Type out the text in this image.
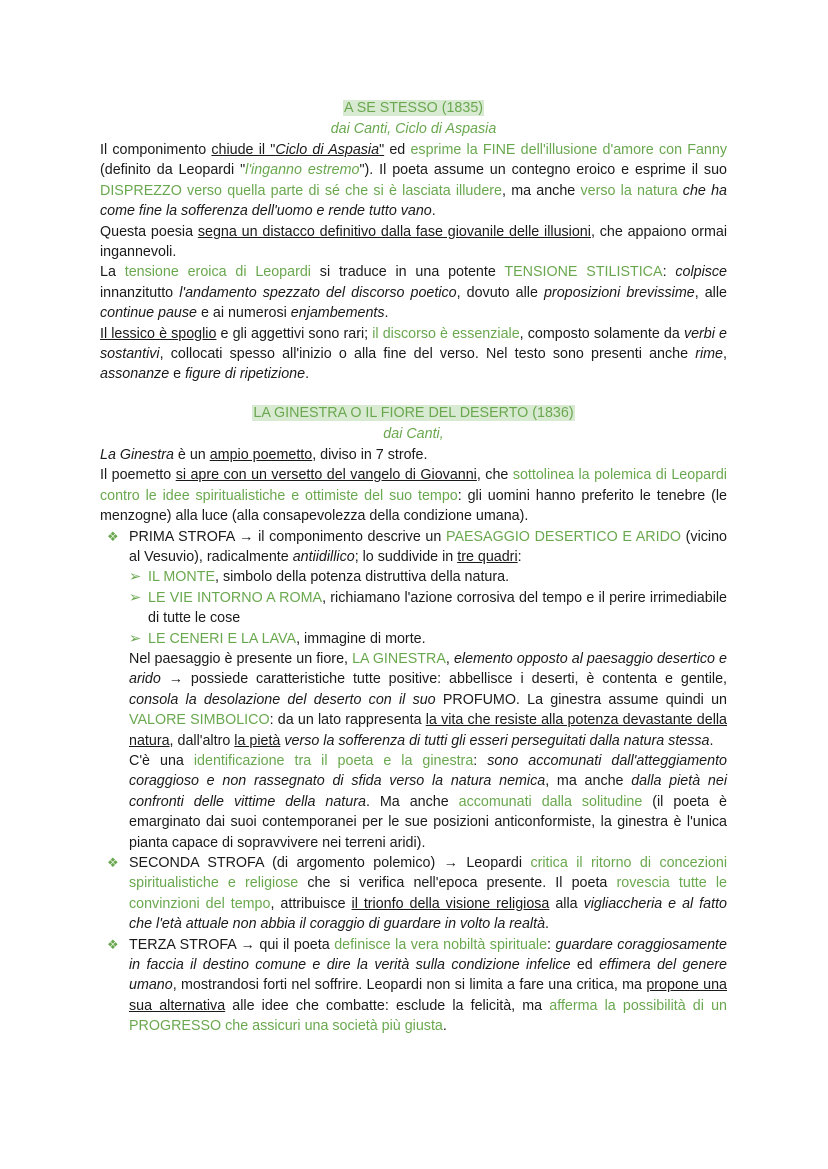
A SE STESSO (1835)
dai Canti, Ciclo di Aspasia

Il componimento chiude il "Ciclo di Aspasia" ed esprime la FINE dell'illusione d'amore con Fanny (definito da Leopardi "l'inganno estremo"). Il poeta assume un contegno eroico e esprime il suo DISPREZZO verso quella parte di sé che si è lasciata illudere, ma anche verso la natura che ha come fine la sofferenza dell'uomo e rende tutto vano.

Questa poesia segna un distacco definitivo dalla fase giovanile delle illusioni, che appaiono ormai ingannevoli.

La tensione eroica di Leopardi si traduce in una potente TENSIONE STILISTICA: colpisce innanzitutto l'andamento spezzato del discorso poetico, dovuto alle proposizioni brevissime, alle continue pause e ai numerosi enjambements.

Il lessico è spoglio e gli aggettivi sono rari; il discorso è essenziale, composto solamente da verbi e sostantivi, collocati spesso all'inizio o alla fine del verso. Nel testo sono presenti anche rime, assonanze e figure di ripetizione.

LA GINESTRA O IL FIORE DEL DESERTO (1836)
dai Canti,

La Ginestra è un ampio poemetto, diviso in 7 strofe.

Il poemetto si apre con un versetto del vangelo di Giovanni, che sottolinea la polemica di Leopardi contro le idee spiritualistiche e ottimiste del suo tempo: gli uomini hanno preferito le tenebre (le menzogne) alla luce (alla consapevolezza della condizione umana).

❖ PRIMA STROFA → il componimento descrive un PAESAGGIO DESERTICO E ARIDO (vicino al Vesuvio), radicalmente antiidillico; lo suddivide in tre quadri:

➢ IL MONTE, simbolo della potenza distruttiva della natura.

➢ LE VIE INTORNO A ROMA, richiamano l'azione corrosiva del tempo e il perire irrimediabile di tutte le cose

➢ LE CENERI E LA LAVA, immagine di morte.

Nel paesaggio è presente un fiore, LA GINESTRA, elemento opposto al paesaggio desertico e arido → possiede caratteristiche tutte positive: abbellisce i deserti, è contenta e gentile, consola la desolazione del deserto con il suo PROFUMO. La ginestra assume quindi un VALORE SIMBOLICO: da un lato rappresenta la vita che resiste alla potenza devastante della natura, dall'altro la pietà verso la sofferenza di tutti gli esseri perseguitati dalla natura stessa.

C'è una identificazione tra il poeta e la ginestra: sono accomunati dall'atteggiamento coraggioso e non rassegnato di sfida verso la natura nemica, ma anche dalla pietà nei confronti delle vittime della natura. Ma anche accomunati dalla solitudine (il poeta è emarginato dai suoi contemporanei per le sue posizioni anticonformiste, la ginestra è l'unica pianta capace di sopravvivere nei terreni aridi).

❖ SECONDA STROFA (di argomento polemico) → Leopardi critica il ritorno di concezioni spiritualistiche e religiose che si verifica nell'epoca presente. Il poeta rovescia tutte le convinzioni del tempo, attribuisce il trionfo della visione religiosa alla vigliaccheria e al fatto che l'età attuale non abbia il coraggio di guardare in volto la realtà.

❖ TERZA STROFA → qui il poeta definisce la vera nobiltà spirituale: guardare coraggiosamente in faccia il destino comune e dire la verità sulla condizione infelice ed effimera del genere umano, mostrandosi forti nel soffrire. Leopardi non si limita a fare una critica, ma propone una sua alternativa alle idee che combatte: esclude la felicità, ma afferma la possibilità di un PROGRESSO che assicuri una società più giusta.
